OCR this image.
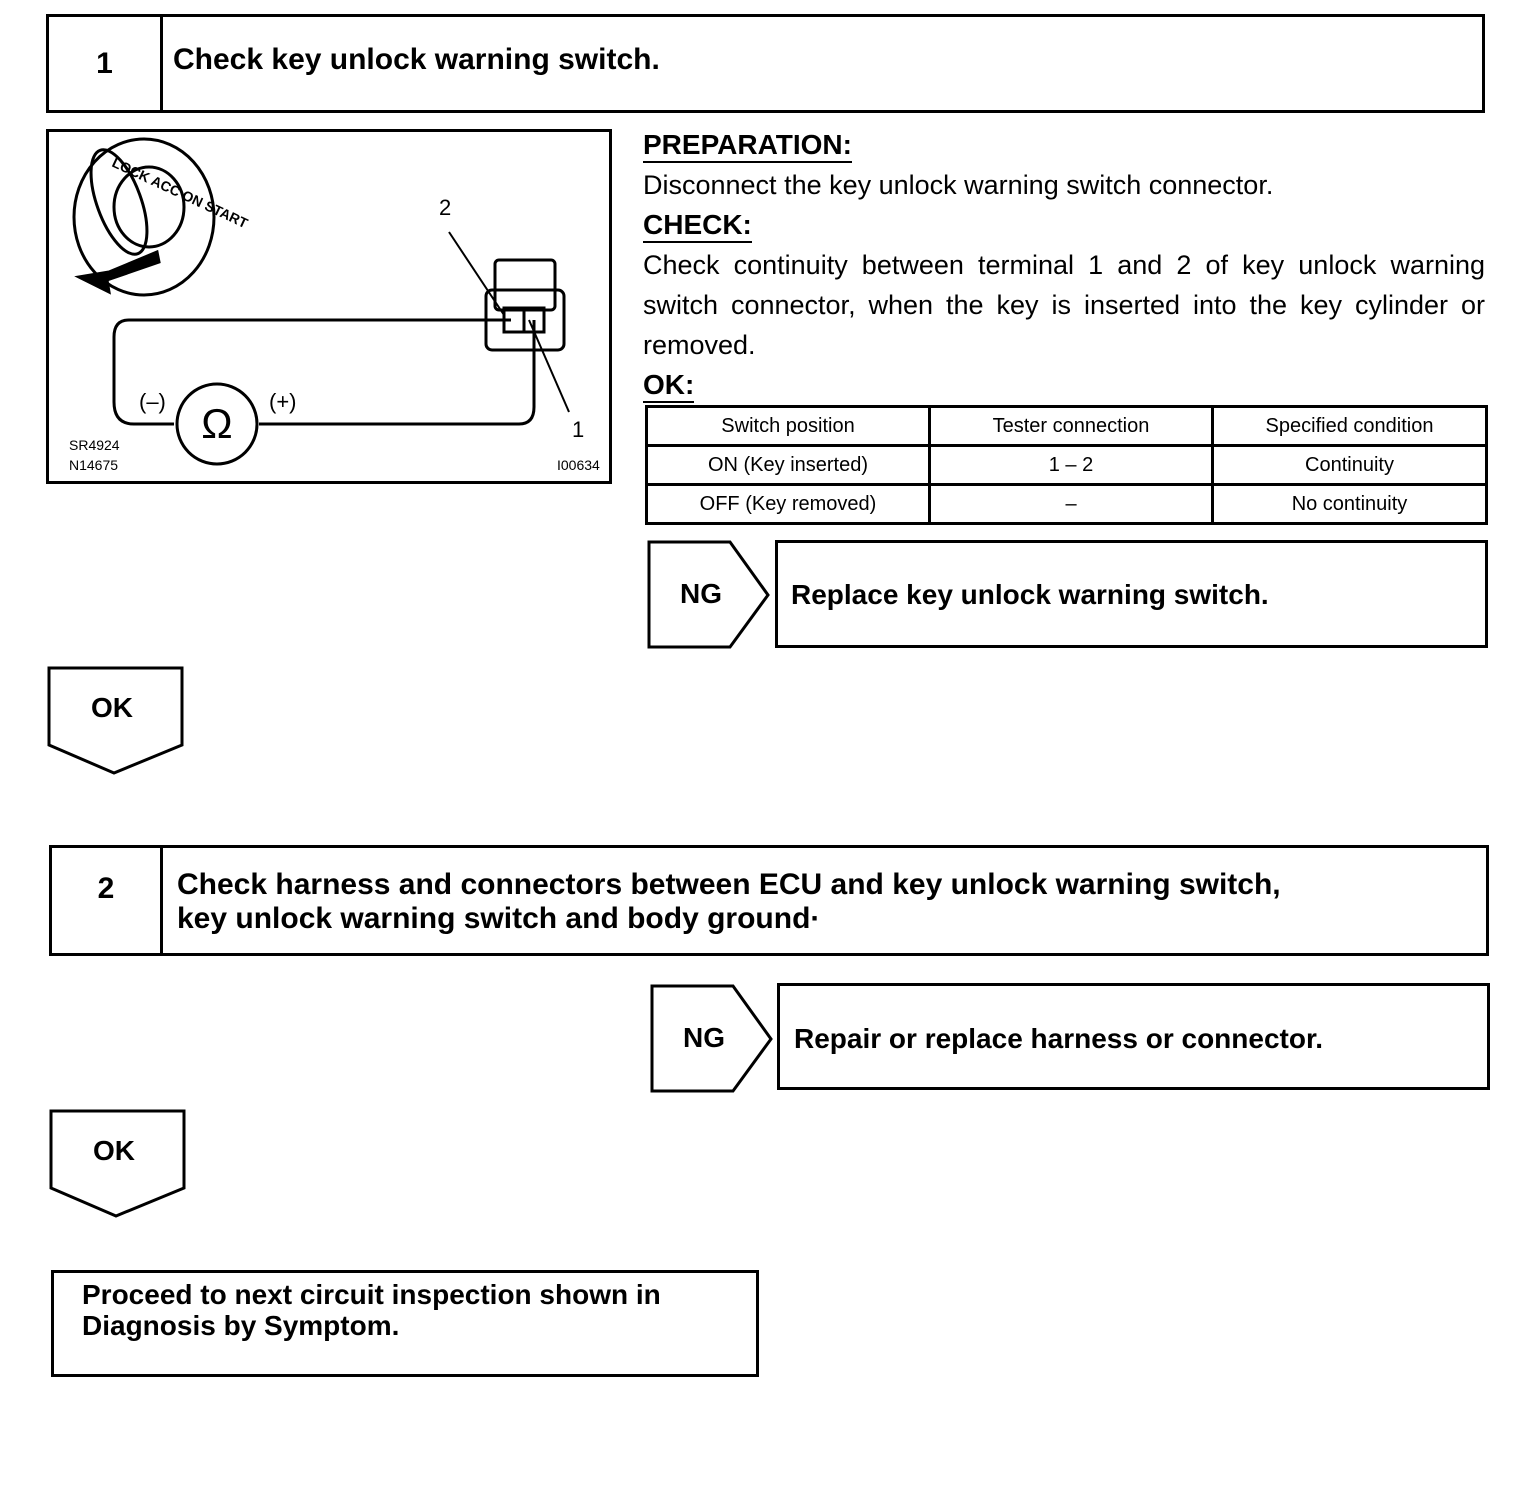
1	Check key unlock warning switch.
LOCK ACC ON START
Ω
2
1
(–)	(+)
SR4924
N14675	I00634
PREPARATION:
Disconnect the key unlock warning switch connector.
CHECK:
Check continuity between terminal 1 and 2 of key unlock warning switch connector, when the key is inserted into the key cylinder or removed.
OK:
Switch position	Tester connection	Specified condition
ON (Key inserted)	1 – 2	Continuity
OFF (Key removed)	–	No continuity
NG Replace key unlock warning switch.
OK
2	Check harness and connectors between ECU and key unlock warning switch,
key unlock warning switch and body ground·
NG Repair or replace harness or connector.
OK
Proceed to next circuit inspection shown in
Diagnosis by Symptom.
